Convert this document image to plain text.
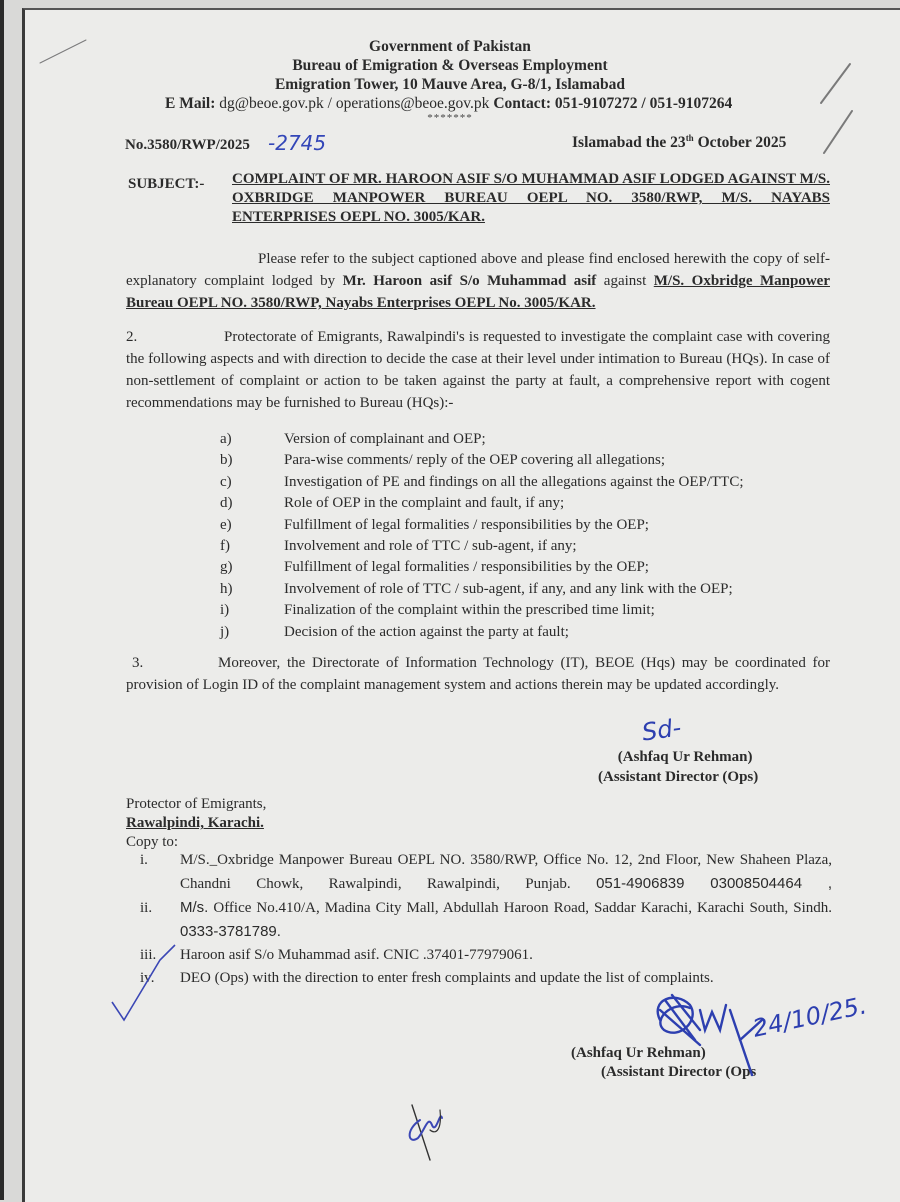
Government of Pakistan
Bureau of Emigration & Overseas Employment
Emigration Tower, 10 Mauve Area, G-8/1, Islamabad
E Mail: dg@beoe.gov.pk / operations@beoe.gov.pk Contact: 051-9107272 / 051-9107264
*******
No.3580/RWP/2025 -2745	Islamabad the 23th October 2025
SUBJECT:- COMPLAINT OF MR. HAROON ASIF S/O MUHAMMAD ASIF LODGED AGAINST M/S. OXBRIDGE MANPOWER BUREAU OEPL NO. 3580/RWP, M/S. NAYABS ENTERPRISES OEPL NO. 3005/KAR.
Please refer to the subject captioned above and please find enclosed herewith the copy of self-explanatory complaint lodged by Mr. Haroon asif S/o Muhammad asif against M/S. Oxbridge Manpower Bureau OEPL NO. 3580/RWP, Nayabs Enterprises OEPL No. 3005/KAR.
2.	Protectorate of Emigrants, Rawalpindi's is requested to investigate the complaint case with covering the following aspects and with direction to decide the case at their level under intimation to Bureau (HQs). In case of non-settlement of complaint or action to be taken against the party at fault, a comprehensive report with cogent recommendations may be furnished to Bureau (HQs):-
a)	Version of complainant and OEP;
b)	Para-wise comments/ reply of the OEP covering all allegations;
c)	Investigation of PE and findings on all the allegations against the OEP/TTC;
d)	Role of OEP in the complaint and fault, if any;
e)	Fulfillment of legal formalities / responsibilities by the OEP;
f)	Involvement and role of TTC / sub-agent, if any;
g)	Fulfillment of legal formalities / responsibilities by the OEP;
h)	Involvement of role of TTC / sub-agent, if any, and any link with the OEP;
i)	Finalization of the complaint within the prescribed time limit;
j)	Decision of the action against the party at fault;
3.	Moreover, the Directorate of Information Technology (IT), BEOE (Hqs) may be coordinated for provision of Login ID of the complaint management system and actions therein may be updated accordingly.
Sd-
(Ashfaq Ur Rehman)
(Assistant Director (Ops)
Protector of Emigrants,
Rawalpindi, Karachi.
Copy to:
i.	M/S._Oxbridge Manpower Bureau OEPL NO. 3580/RWP, Office No. 12, 2nd Floor, New Shaheen Plaza, Chandni Chowk, Rawalpindi, Rawalpindi, Punjab. 051-4906839 03008504464 ,
ii.	M/s. Office No.410/A, Madina City Mall, Abdullah Haroon Road, Saddar Karachi, Karachi South, Sindh. 0333-3781789.
iii.	Haroon asif S/o Muhammad asif. CNIC .37401-77979061.
iv.	DEO (Ops) with the direction to enter fresh complaints and update the list of complaints.
(Ashfaq Ur Rehman)
(Assistant Director (Ops
24/10/25.
